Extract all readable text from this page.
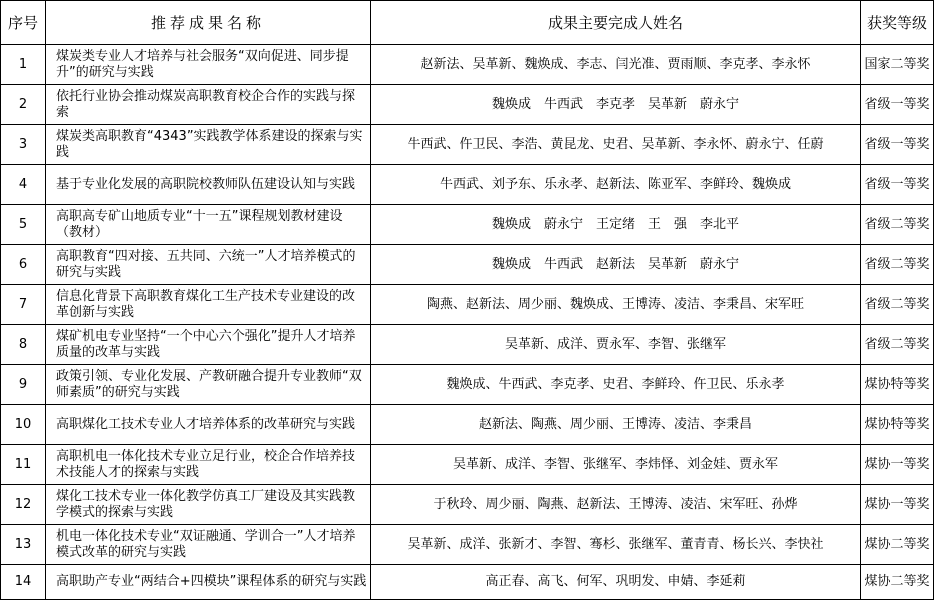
序号	推荐成果名称	成果主要完成人姓名	获奖等级
1	煤炭类专业人才培养与社会服务“双向促进、同步提升”的研究与实践	赵新法、吴革新、魏焕成、李志、闫光准、贾雨顺、李克孝、李永怀	国家二等奖
2	依托行业协会推动煤炭高职教育校企合作的实践与探索	魏焕成　牛西武　李克孝　吴革新　蔚永宁	省级一等奖
3	煤炭类高职教育“4343”实践教学体系建设的探索与实践	牛西武、仵卫民、李浩、黄昆龙、史君、吴革新、李永怀、蔚永宁、任蔚	省级一等奖
4	基于专业化发展的高职院校教师队伍建设认知与实践	牛西武、刘予东、乐永孝、赵新法、陈亚军、李鲜玲、魏焕成	省级一等奖
5	高职高专矿山地质专业“十一五”课程规划教材建设（教材）	魏焕成　蔚永宁　王定绪　王　强　李北平	省级二等奖
6	高职教育“四对接、五共同、六统一”人才培养模式的研究与实践	魏焕成　牛西武　赵新法　吴革新　蔚永宁	省级二等奖
7	信息化背景下高职教育煤化工生产技术专业建设的改革创新与实践	陶燕、赵新法、周少丽、魏焕成、王博涛、凌洁、李秉昌、宋军旺	省级二等奖
8	煤矿机电专业坚持“一个中心六个强化”提升人才培养质量的改革与实践	吴革新、成洋、贾永军、李智、张继军	省级二等奖
9	政策引领、专业化发展、产教研融合提升专业教师“双师素质”的研究与实践	魏焕成、牛西武、李克孝、史君、李鲜玲、仵卫民、乐永孝	煤协特等奖
10	高职煤化工技术专业人才培养体系的改革研究与实践	赵新法、陶燕、周少丽、王博涛、凌洁、李秉昌	煤协特等奖
11	高职机电一体化技术专业立足行业，校企合作培养技术技能人才的探索与实践	吴革新、成洋、李智、张继军、李炜怿、刘金娃、贾永军	煤协一等奖
12	煤化工技术专业一体化教学仿真工厂建设及其实践教学模式的探索与实践	于秋玲、周少丽、陶燕、赵新法、王博涛、凌洁、宋军旺、孙烨	煤协一等奖
13	机电一体化技术专业“双证融通、学训合一”人才培养模式改革的研究与实践	吴革新、成洋、张新才、李智、骞杉、张继军、董青青、杨长兴、李快社	煤协二等奖
14	高职助产专业“两结合+四模块”课程体系的研究与实践	高正春、高飞、何军、巩明发、申婧、李延莉	煤协二等奖
